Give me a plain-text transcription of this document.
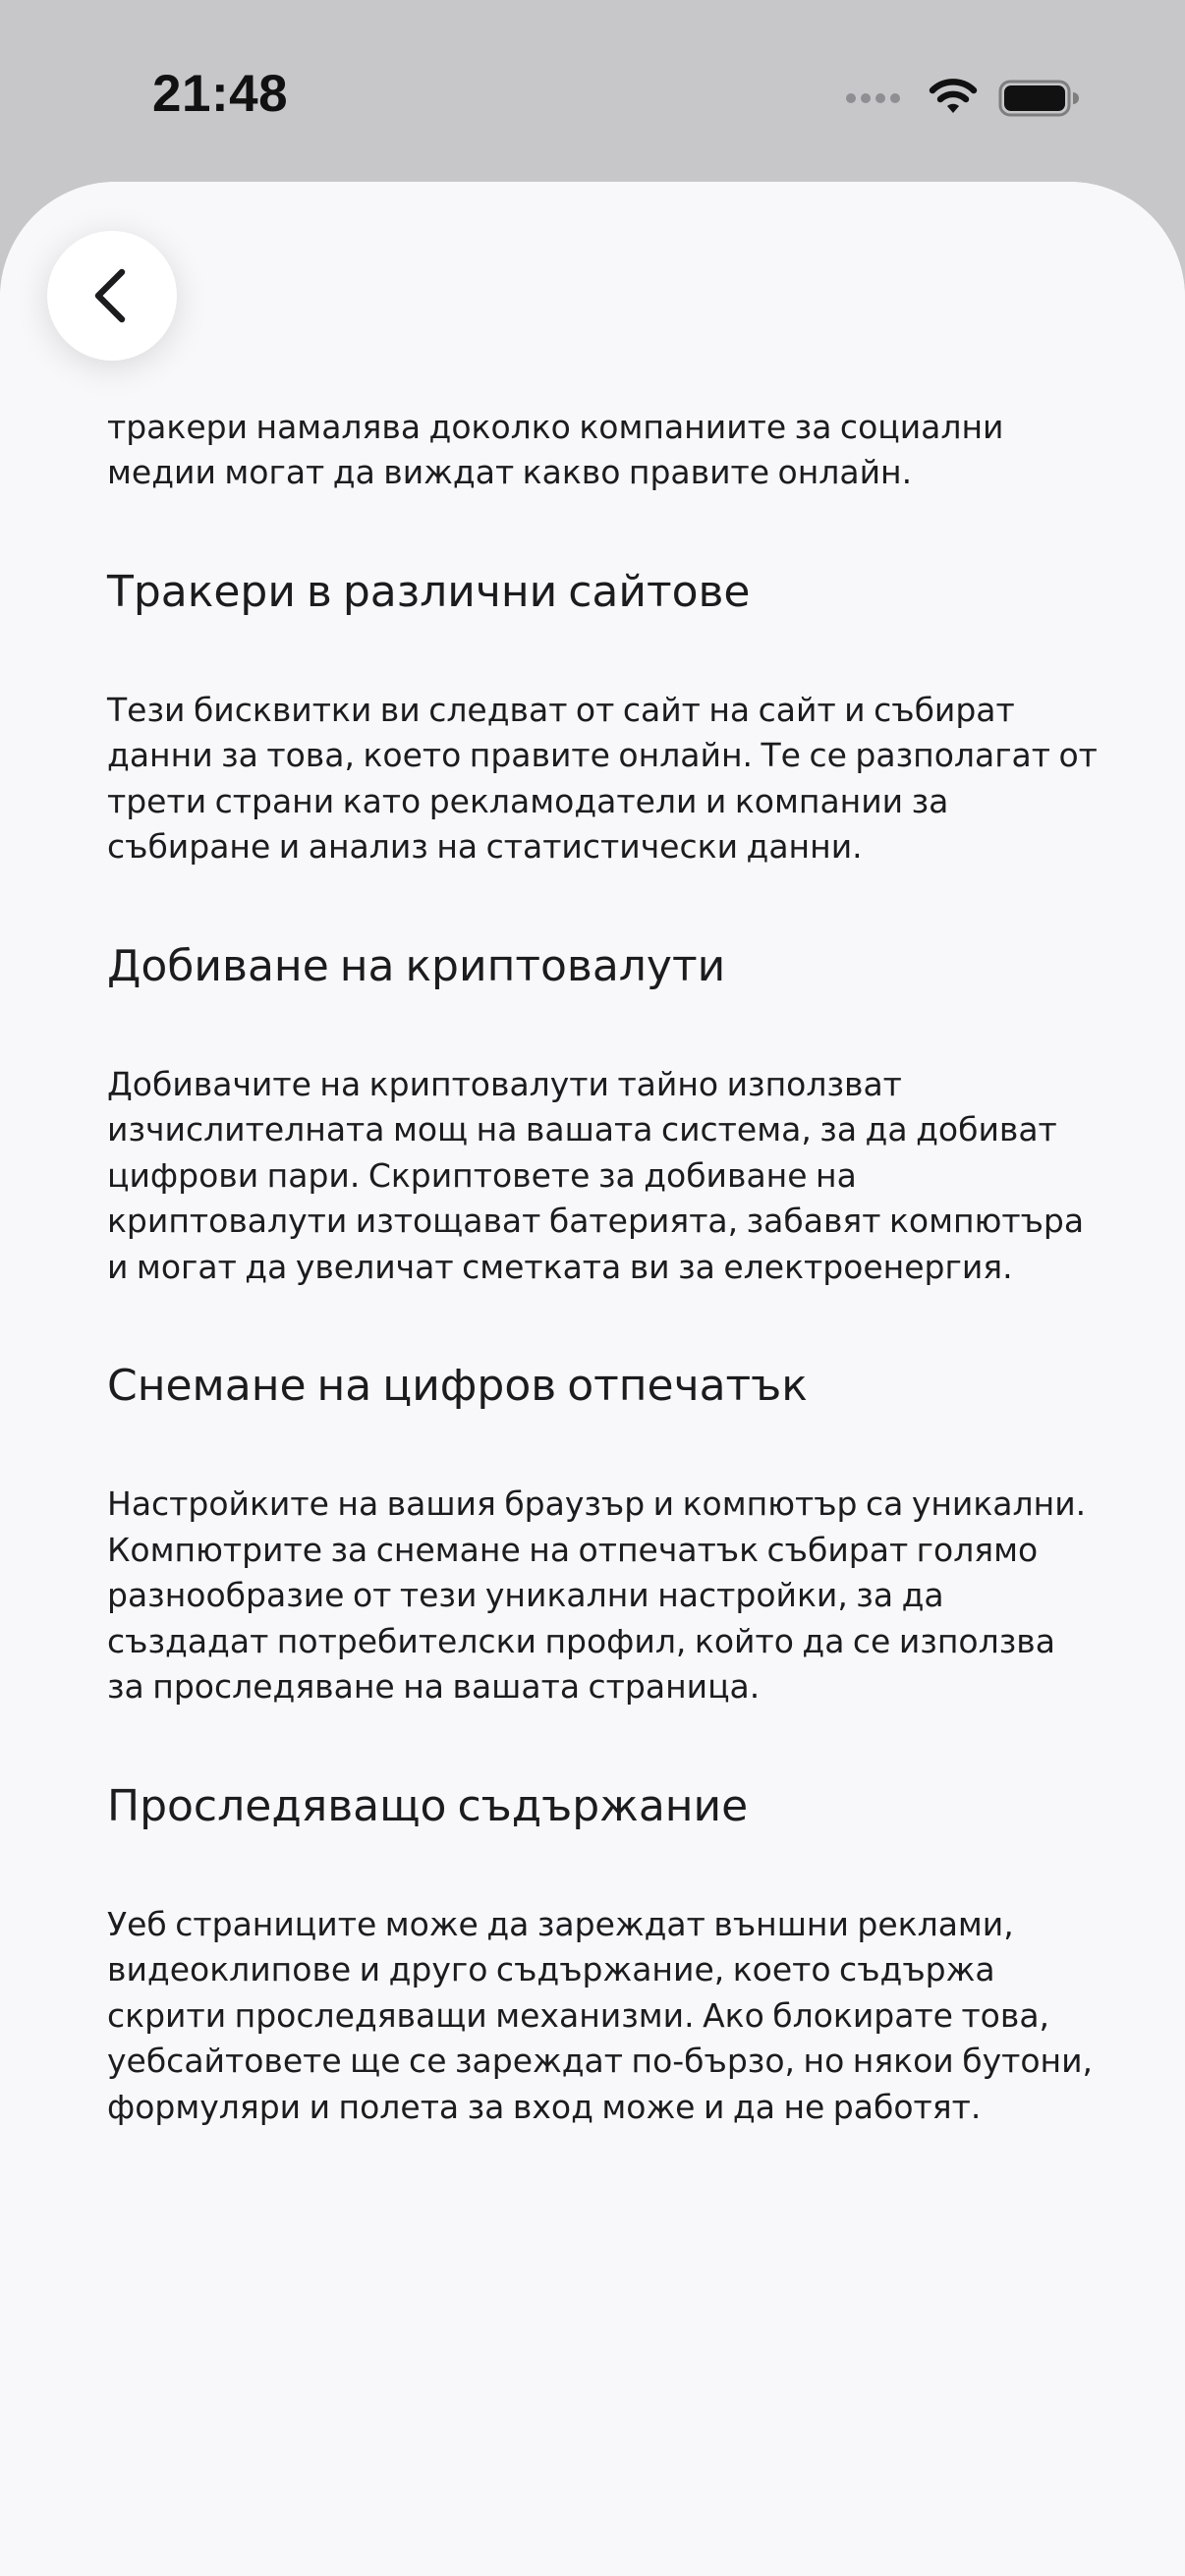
21:48

тракери намалява доколко компаниите за социални медии могат да виждат какво правите онлайн.

Тракери в различни сайтове

Тези бисквитки ви следват от сайт на сайт и събират данни за това, което правите онлайн. Те се разполагат от трети страни като рекламодатели и компании за събиране и анализ на статистически данни.

Добиване на криптовалути

Добивачите на криптовалути тайно използват изчислителната мощ на вашата система, за да добиват цифрови пари. Скриптовете за добиване на криптовалути изтощават батерията, забавят компютъра и могат да увеличат сметката ви за електроенергия.

Снемане на цифров отпечатък

Настройките на вашия браузър и компютър са уникални. Компютрите за снемане на отпечатък събират голямо разнообразие от тези уникални настройки, за да създадат потребителски профил, който да се използва за проследяване на вашата страница.

Проследяващо съдържание

Уеб страниците може да зареждат външни реклами, видеоклипове и друго съдържание, което съдържа скрити проследяващи механизми. Ако блокирате това, уебсайтовете ще се зареждат по-бързо, но някои бутони, формуляри и полета за вход може и да не работят.
